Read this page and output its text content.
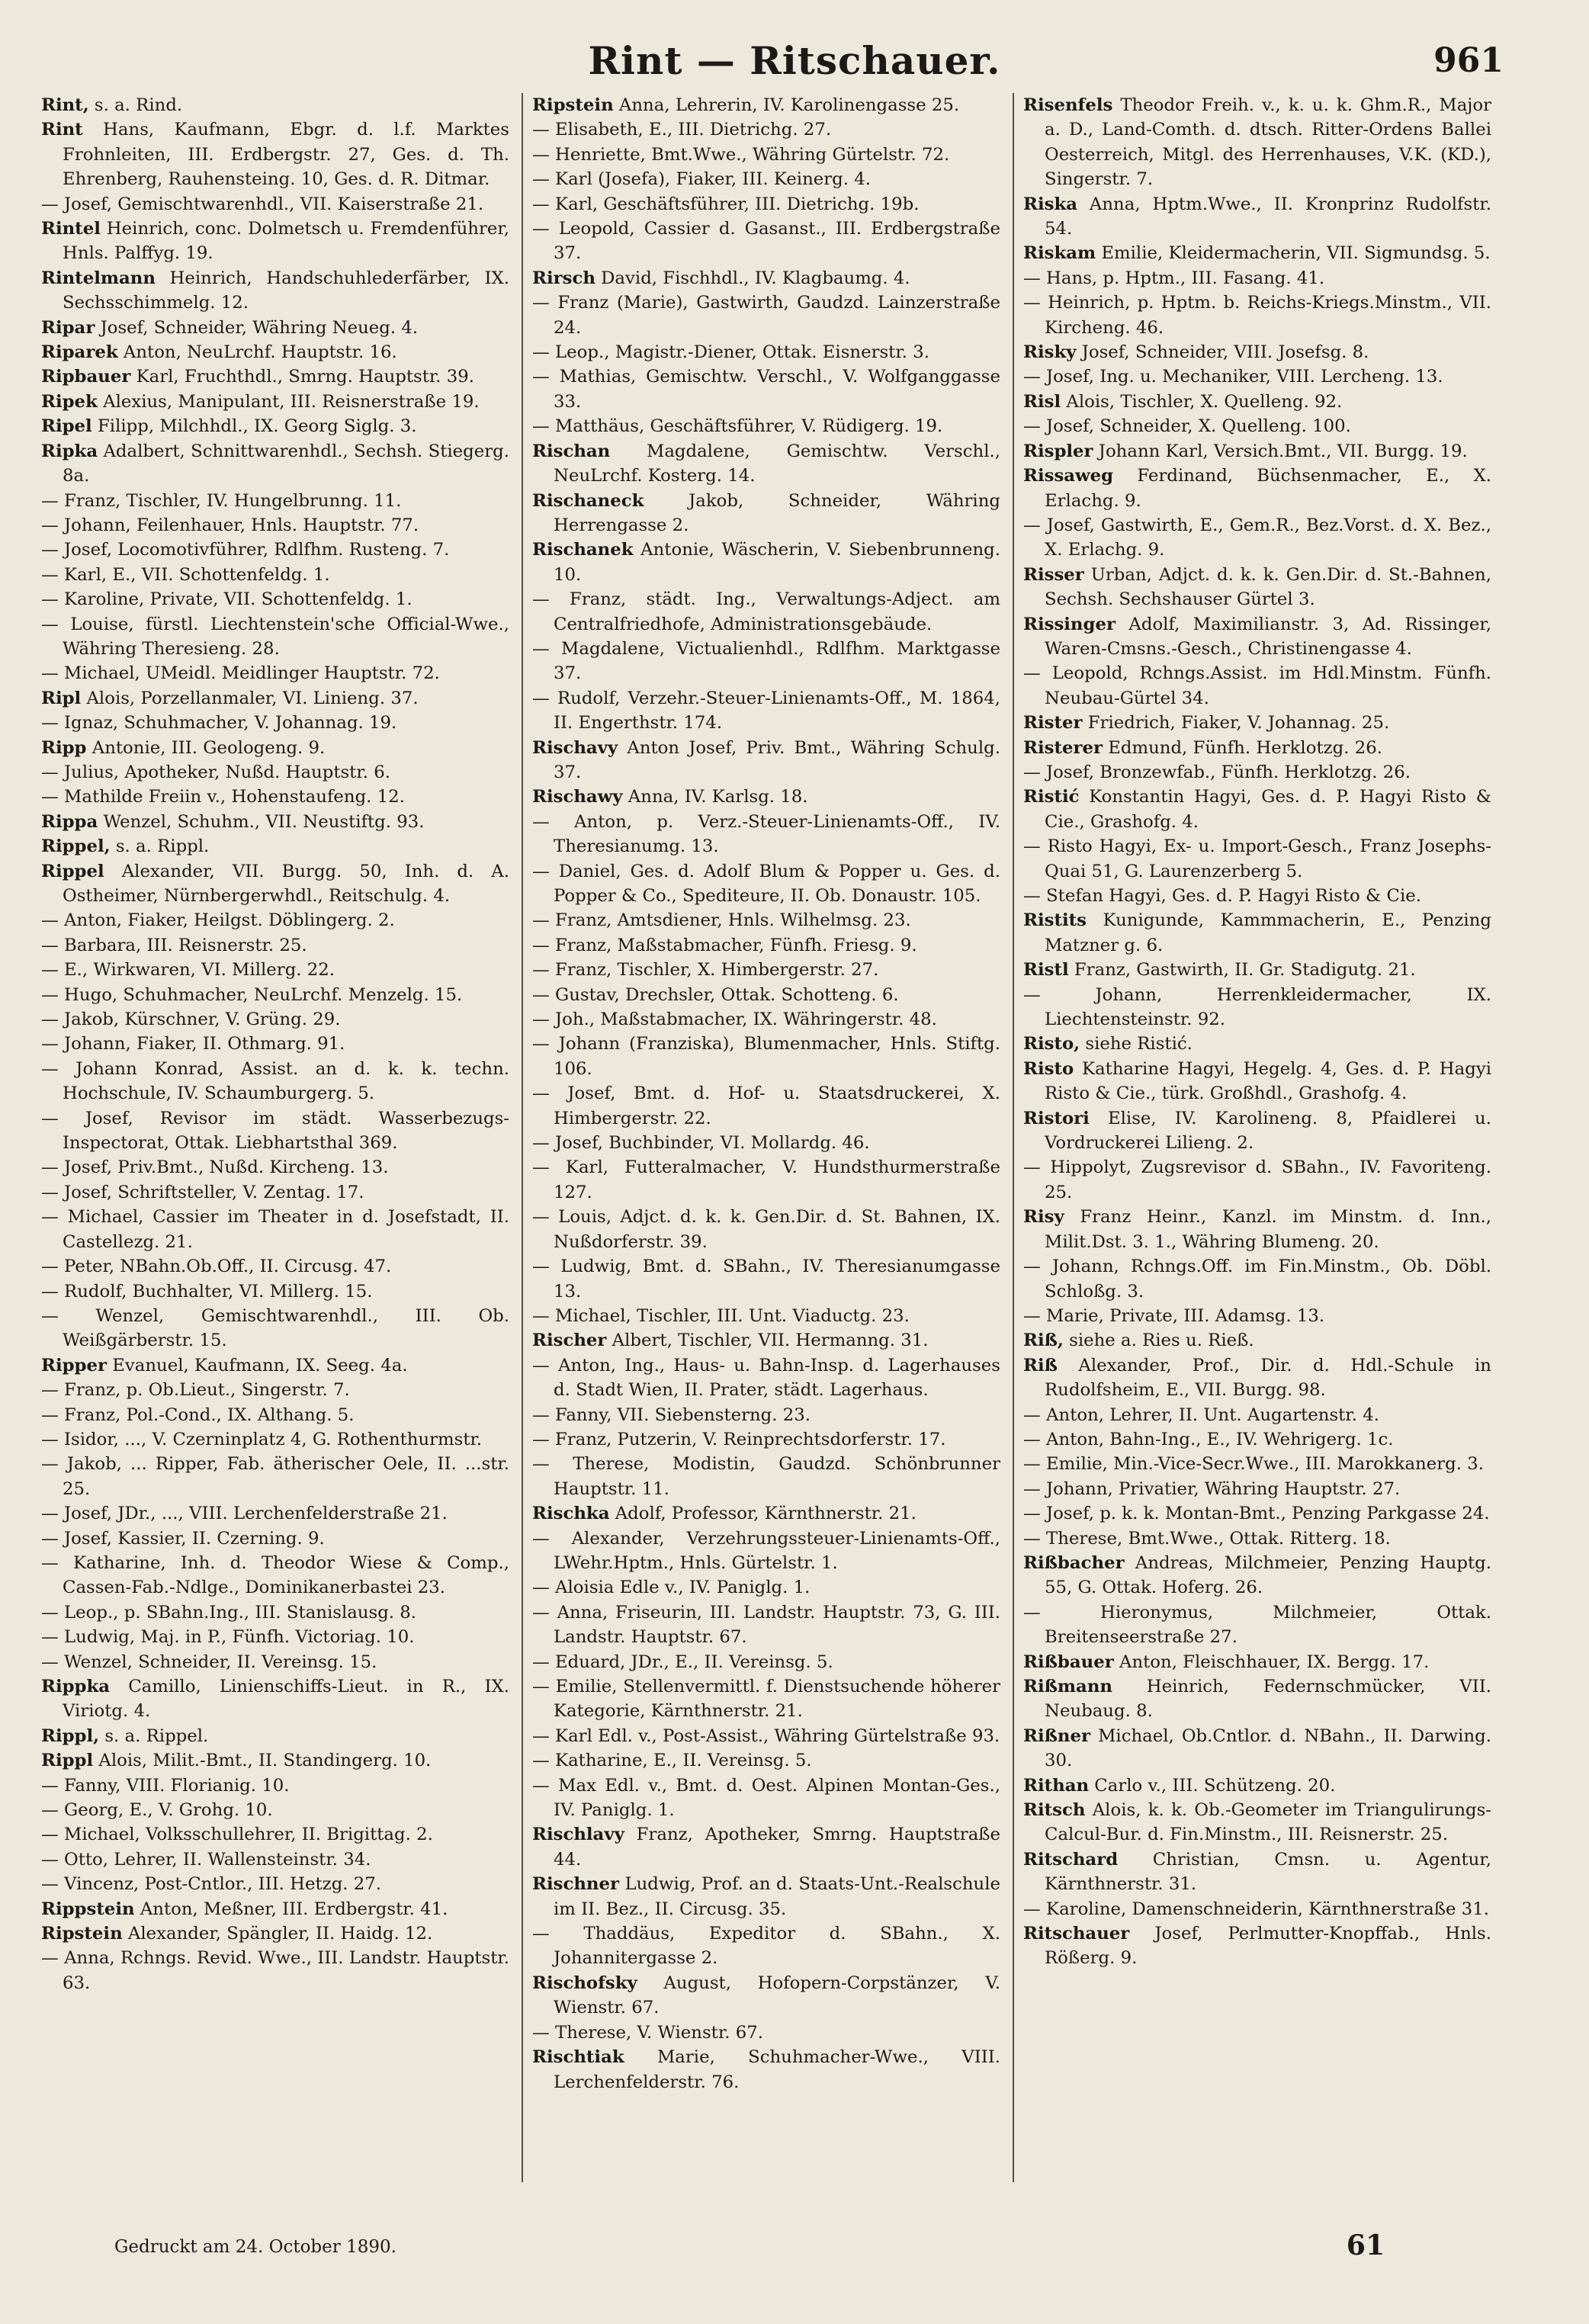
Rint — Ritschauer.	961

Rint, s. a. Rind.

Rint Hans, Kaufmann, Ebgr. d. l.f. Marktes Frohnleiten, III. Erdbergstr. 27, Ges. d. Th. Ehrenberg, Rauhensteing. 10, Ges. d. R. Ditmar.

— Josef, Gemischtwarenhdl., VII. Kaiserstraße 21.

Rintel Heinrich, conc. Dolmetsch u. Fremdenführer, Hnls. Palffyg. 19.

Rintelmann Heinrich, Handschuhlederfärber, IX. Sechsschimmelg. 12.

Ripar Josef, Schneider, Währing Neueg. 4.

Riparek Anton, NeuLrchf. Hauptstr. 16.

Ripbauer Karl, Fruchthdl., Smrng. Hauptstr. 39.

Ripek Alexius, Manipulant, III. Reisnerstraße 19.

Ripel Filipp, Milchhdl., IX. Georg Siglg. 3.

Ripka Adalbert, Schnittwarenhdl., Sechsh. Stiegerg. 8a.

— Franz, Tischler, IV. Hungelbrunng. 11.

— Johann, Feilenhauer, Hnls. Hauptstr. 77.

— Josef, Locomotivführer, Rdlfhm. Rusteng. 7.

— Karl, E., VII. Schottenfeldg. 1.

— Karoline, Private, VII. Schottenfeldg. 1.

— Louise, fürstl. Liechtenstein'sche Official-Wwe., Währing Theresieng. 28.

— Michael, UMeidl. Meidlinger Hauptstr. 72.

Ripl Alois, Porzellanmaler, VI. Linieng. 37.

— Ignaz, Schuhmacher, V. Johannag. 19.

Ripp Antonie, III. Geologeng. 9.

— Julius, Apotheker, Nußd. Hauptstr. 6.

— Mathilde Freiin v., Hohenstaufeng. 12.

Rippa Wenzel, Schuhm., VII. Neustiftg. 93.

Rippel, s. a. Rippl.

Rippel Alexander, VII. Burgg. 50, Inh. d. A. Ostheimer, Nürnbergerwhdl., Reitschulg. 4.

— Anton, Fiaker, Heilgst. Döblingerg. 2.

— Barbara, III. Reisnerstr. 25.

— E., Wirkwaren, VI. Millerg. 22.

— Hugo, Schuhmacher, NeuLrchf. Menzelg. 15.

— Jakob, Kürschner, V. Grüng. 29.

— Johann, Fiaker, II. Othmarg. 91.

— Johann Konrad, Assist. an d. k. k. techn. Hochschule, IV. Schaumburgerg. 5.

— Josef, Revisor im städt. Wasserbezugs-Inspectorat, Ottak. Liebhartsthal 369.

— Josef, Priv.Bmt., Nußd. Kircheng. 13.

— Josef, Schriftsteller, V. Zentag. 17.

— Michael, Cassier im Theater in d. Josefstadt, II. Castellezg. 21.

— Peter, NBahn.Ob.Off., II. Circusg. 47.

— Rudolf, Buchhalter, VI. Millerg. 15.

— Wenzel, Gemischtwarenhdl., III. Ob. Weißgärberstr. 15.

Ripper Evanuel, Kaufmann, IX. Seeg. 4a.

— Franz, p. Ob.Lieut., Singerstr. 7.

— Franz, Pol.-Cond., IX. Althang. 5.

— Isidor, ..., V. Czerninplatz 4, G. Rothenthurmstr.

— Jakob, ... Ripper, Fab. ätherischer Oele, II. ...str. 25.

— Josef, JDr., ..., VIII. Lerchenfelderstraße 21.

— Josef, Kassier, II. Czerning. 9.

— Katharine, Inh. d. Theodor Wiese & Comp., Cassen-Fab.-Ndlge., Dominikanerbastei 23.

— Leop., p. SBahn.Ing., III. Stanislausg. 8.

— Ludwig, Maj. in P., Fünfh. Victoriag. 10.

— Wenzel, Schneider, II. Vereinsg. 15.

Rippka Camillo, Linienschiffs-Lieut. in R., IX. Viriotg. 4.

Rippl, s. a. Rippel.

Rippl Alois, Milit.-Bmt., II. Standingerg. 10.

— Fanny, VIII. Florianig. 10.

— Georg, E., V. Grohg. 10.

— Michael, Volksschullehrer, II. Brigittag. 2.

— Otto, Lehrer, II. Wallensteinstr. 34.

— Vincenz, Post-Cntlor., III. Hetzg. 27.

Rippstein Anton, Meßner, III. Erdbergstr. 41.

Ripstein Alexander, Spängler, II. Haidg. 12.

— Anna, Rchngs. Revid. Wwe., III. Landstr. Hauptstr. 63.

Ripstein Anna, Lehrerin, IV. Karolinengasse 25.

— Elisabeth, E., III. Dietrichg. 27.

— Henriette, Bmt.Wwe., Währing Gürtelstr. 72.

— Karl (Josefa), Fiaker, III. Keinerg. 4.

— Karl, Geschäftsführer, III. Dietrichg. 19b.

— Leopold, Cassier d. Gasanst., III. Erdbergstraße 37.

Rirsch David, Fischhdl., IV. Klagbaumg. 4.

— Franz (Marie), Gastwirth, Gaudzd. Lainzerstraße 24.

— Leop., Magistr.-Diener, Ottak. Eisnerstr. 3.

— Mathias, Gemischtw. Verschl., V. Wolfganggasse 33.

— Matthäus, Geschäftsführer, V. Rüdigerg. 19.

Rischan Magdalene, Gemischtw. Verschl., NeuLrchf. Kosterg. 14.

Rischaneck Jakob, Schneider, Währing Herrengasse 2.

Rischanek Antonie, Wäscherin, V. Siebenbrunneng. 10.

— Franz, städt. Ing., Verwaltungs-Adject. am Centralfriedhofe, Administrationsgebäude.

— Magdalene, Victualienhdl., Rdlfhm. Marktgasse 37.

— Rudolf, Verzehr.-Steuer-Linienamts-Off., M. 1864, II. Engerthstr. 174.

Rischavy Anton Josef, Priv. Bmt., Währing Schulg. 37.

Rischawy Anna, IV. Karlsg. 18.

— Anton, p. Verz.-Steuer-Linienamts-Off., IV. Theresianumg. 13.

— Daniel, Ges. d. Adolf Blum & Popper u. Ges. d. Popper & Co., Spediteure, II. Ob. Donaustr. 105.

— Franz, Amtsdiener, Hnls. Wilhelmsg. 23.

— Franz, Maßstabmacher, Fünfh. Friesg. 9.

— Franz, Tischler, X. Himbergerstr. 27.

— Gustav, Drechsler, Ottak. Schotteng. 6.

— Joh., Maßstabmacher, IX. Währingerstr. 48.

— Johann (Franziska), Blumenmacher, Hnls. Stiftg. 106.

— Josef, Bmt. d. Hof- u. Staatsdruckerei, X. Himbergerstr. 22.

— Josef, Buchbinder, VI. Mollardg. 46.

— Karl, Futteralmacher, V. Hundsthurmerstraße 127.

— Louis, Adjct. d. k. k. Gen.Dir. d. St. Bahnen, IX. Nußdorferstr. 39.

— Ludwig, Bmt. d. SBahn., IV. Theresianumgasse 13.

— Michael, Tischler, III. Unt. Viaductg. 23.

Rischer Albert, Tischler, VII. Hermanng. 31.

— Anton, Ing., Haus- u. Bahn-Insp. d. Lagerhauses d. Stadt Wien, II. Prater, städt. Lagerhaus.

— Fanny, VII. Siebensterng. 23.

— Franz, Putzerin, V. Reinprechtsdorferstr. 17.

— Therese, Modistin, Gaudzd. Schönbrunner Hauptstr. 11.

Rischka Adolf, Professor, Kärnthnerstr. 21.

— Alexander, Verzehrungssteuer-Linienamts-Off., LWehr.Hptm., Hnls. Gürtelstr. 1.

— Aloisia Edle v., IV. Paniglg. 1.

— Anna, Friseurin, III. Landstr. Hauptstr. 73, G. III. Landstr. Hauptstr. 67.

— Eduard, JDr., E., II. Vereinsg. 5.

— Emilie, Stellenvermittl. f. Dienstsuchende höherer Kategorie, Kärnthnerstr. 21.

— Karl Edl. v., Post-Assist., Währing Gürtelstraße 93.

— Katharine, E., II. Vereinsg. 5.

— Max Edl. v., Bmt. d. Oest. Alpinen Montan-Ges., IV. Paniglg. 1.

Rischlavy Franz, Apotheker, Smrng. Hauptstraße 44.

Rischner Ludwig, Prof. an d. Staats-Unt.-Realschule im II. Bez., II. Circusg. 35.

— Thaddäus, Expeditor d. SBahn., X. Johannitergasse 2.

Rischofsky August, Hofopern-Corpstänzer, V. Wienstr. 67.

— Therese, V. Wienstr. 67.

Rischtiak Marie, Schuhmacher-Wwe., VIII. Lerchenfelderstr. 76.

Risenfels Theodor Freih. v., k. u. k. Ghm.R., Major a. D., Land-Comth. d. dtsch. Ritter-Ordens Ballei Oesterreich, Mitgl. des Herrenhauses, V.K. (KD.), Singerstr. 7.

Riska Anna, Hptm.Wwe., II. Kronprinz Rudolfstr. 54.

Riskam Emilie, Kleidermacherin, VII. Sigmundsg. 5.

— Hans, p. Hptm., III. Fasang. 41.

— Heinrich, p. Hptm. b. Reichs-Kriegs.Minstm., VII. Kircheng. 46.

Risky Josef, Schneider, VIII. Josefsg. 8.

— Josef, Ing. u. Mechaniker, VIII. Lercheng. 13.

Risl Alois, Tischler, X. Quelleng. 92.

— Josef, Schneider, X. Quelleng. 100.

Rispler Johann Karl, Versich.Bmt., VII. Burgg. 19.

Rissaweg Ferdinand, Büchsenmacher, E., X. Erlachg. 9.

— Josef, Gastwirth, E., Gem.R., Bez.Vorst. d. X. Bez., X. Erlachg. 9.

Risser Urban, Adjct. d. k. k. Gen.Dir. d. St.-Bahnen, Sechsh. Sechshauser Gürtel 3.

Rissinger Adolf, Maximilianstr. 3, Ad. Rissinger, Waren-Cmsns.-Gesch., Christinengasse 4.

— Leopold, Rchngs.Assist. im Hdl.Minstm. Fünfh. Neubau-Gürtel 34.

Rister Friedrich, Fiaker, V. Johannag. 25.

Risterer Edmund, Fünfh. Herklotzg. 26.

— Josef, Bronzewfab., Fünfh. Herklotzg. 26.

Ristić Konstantin Hagyi, Ges. d. P. Hagyi Risto & Cie., Grashofg. 4.

— Risto Hagyi, Ex- u. Import-Gesch., Franz Josephs-Quai 51, G. Laurenzerberg 5.

— Stefan Hagyi, Ges. d. P. Hagyi Risto & Cie.

Ristits Kunigunde, Kammmacherin, E., Penzing Matzner g. 6.

Ristl Franz, Gastwirth, II. Gr. Stadigutg. 21.

— Johann, Herrenkleidermacher, IX. Liechtensteinstr. 92.

Risto, siehe Ristić.

Risto Katharine Hagyi, Hegelg. 4, Ges. d. P. Hagyi Risto & Cie., türk. Großhdl., Grashofg. 4.

Ristori Elise, IV. Karolineng. 8, Pfaidlerei u. Vordruckerei Lilieng. 2.

— Hippolyt, Zugsrevisor d. SBahn., IV. Favoriteng. 25.

Risy Franz Heinr., Kanzl. im Minstm. d. Inn., Milit.Dst. 3. 1., Währing Blumeng. 20.

— Johann, Rchngs.Off. im Fin.Minstm., Ob. Döbl. Schloßg. 3.

— Marie, Private, III. Adamsg. 13.

Riß, siehe a. Ries u. Rieß.

Riß Alexander, Prof., Dir. d. Hdl.-Schule in Rudolfsheim, E., VII. Burgg. 98.

— Anton, Lehrer, II. Unt. Augartenstr. 4.

— Anton, Bahn-Ing., E., IV. Wehrigerg. 1c.

— Emilie, Min.-Vice-Secr.Wwe., III. Marokkanerg. 3.

— Johann, Privatier, Währing Hauptstr. 27.

— Josef, p. k. k. Montan-Bmt., Penzing Parkgasse 24.

— Therese, Bmt.Wwe., Ottak. Ritterg. 18.

Rißbacher Andreas, Milchmeier, Penzing Hauptg. 55, G. Ottak. Hoferg. 26.

— Hieronymus, Milchmeier, Ottak. Breitenseerstraße 27.

Rißbauer Anton, Fleischhauer, IX. Bergg. 17.

Rißmann Heinrich, Federnschmücker, VII. Neubaug. 8.

Rißner Michael, Ob.Cntlor. d. NBahn., II. Darwing. 30.

Rithan Carlo v., III. Schützeng. 20.

Ritsch Alois, k. k. Ob.-Geometer im Triangulirungs-Calcul-Bur. d. Fin.Minstm., III. Reisnerstr. 25.

Ritschard Christian, Cmsn. u. Agentur, Kärnthnerstr. 31.

— Karoline, Damenschneiderin, Kärnthnerstraße 31.

Ritschauer Josef, Perlmutter-Knopffab., Hnls. Rößerg. 9.

Gedruckt am 24. October 1890.	61
